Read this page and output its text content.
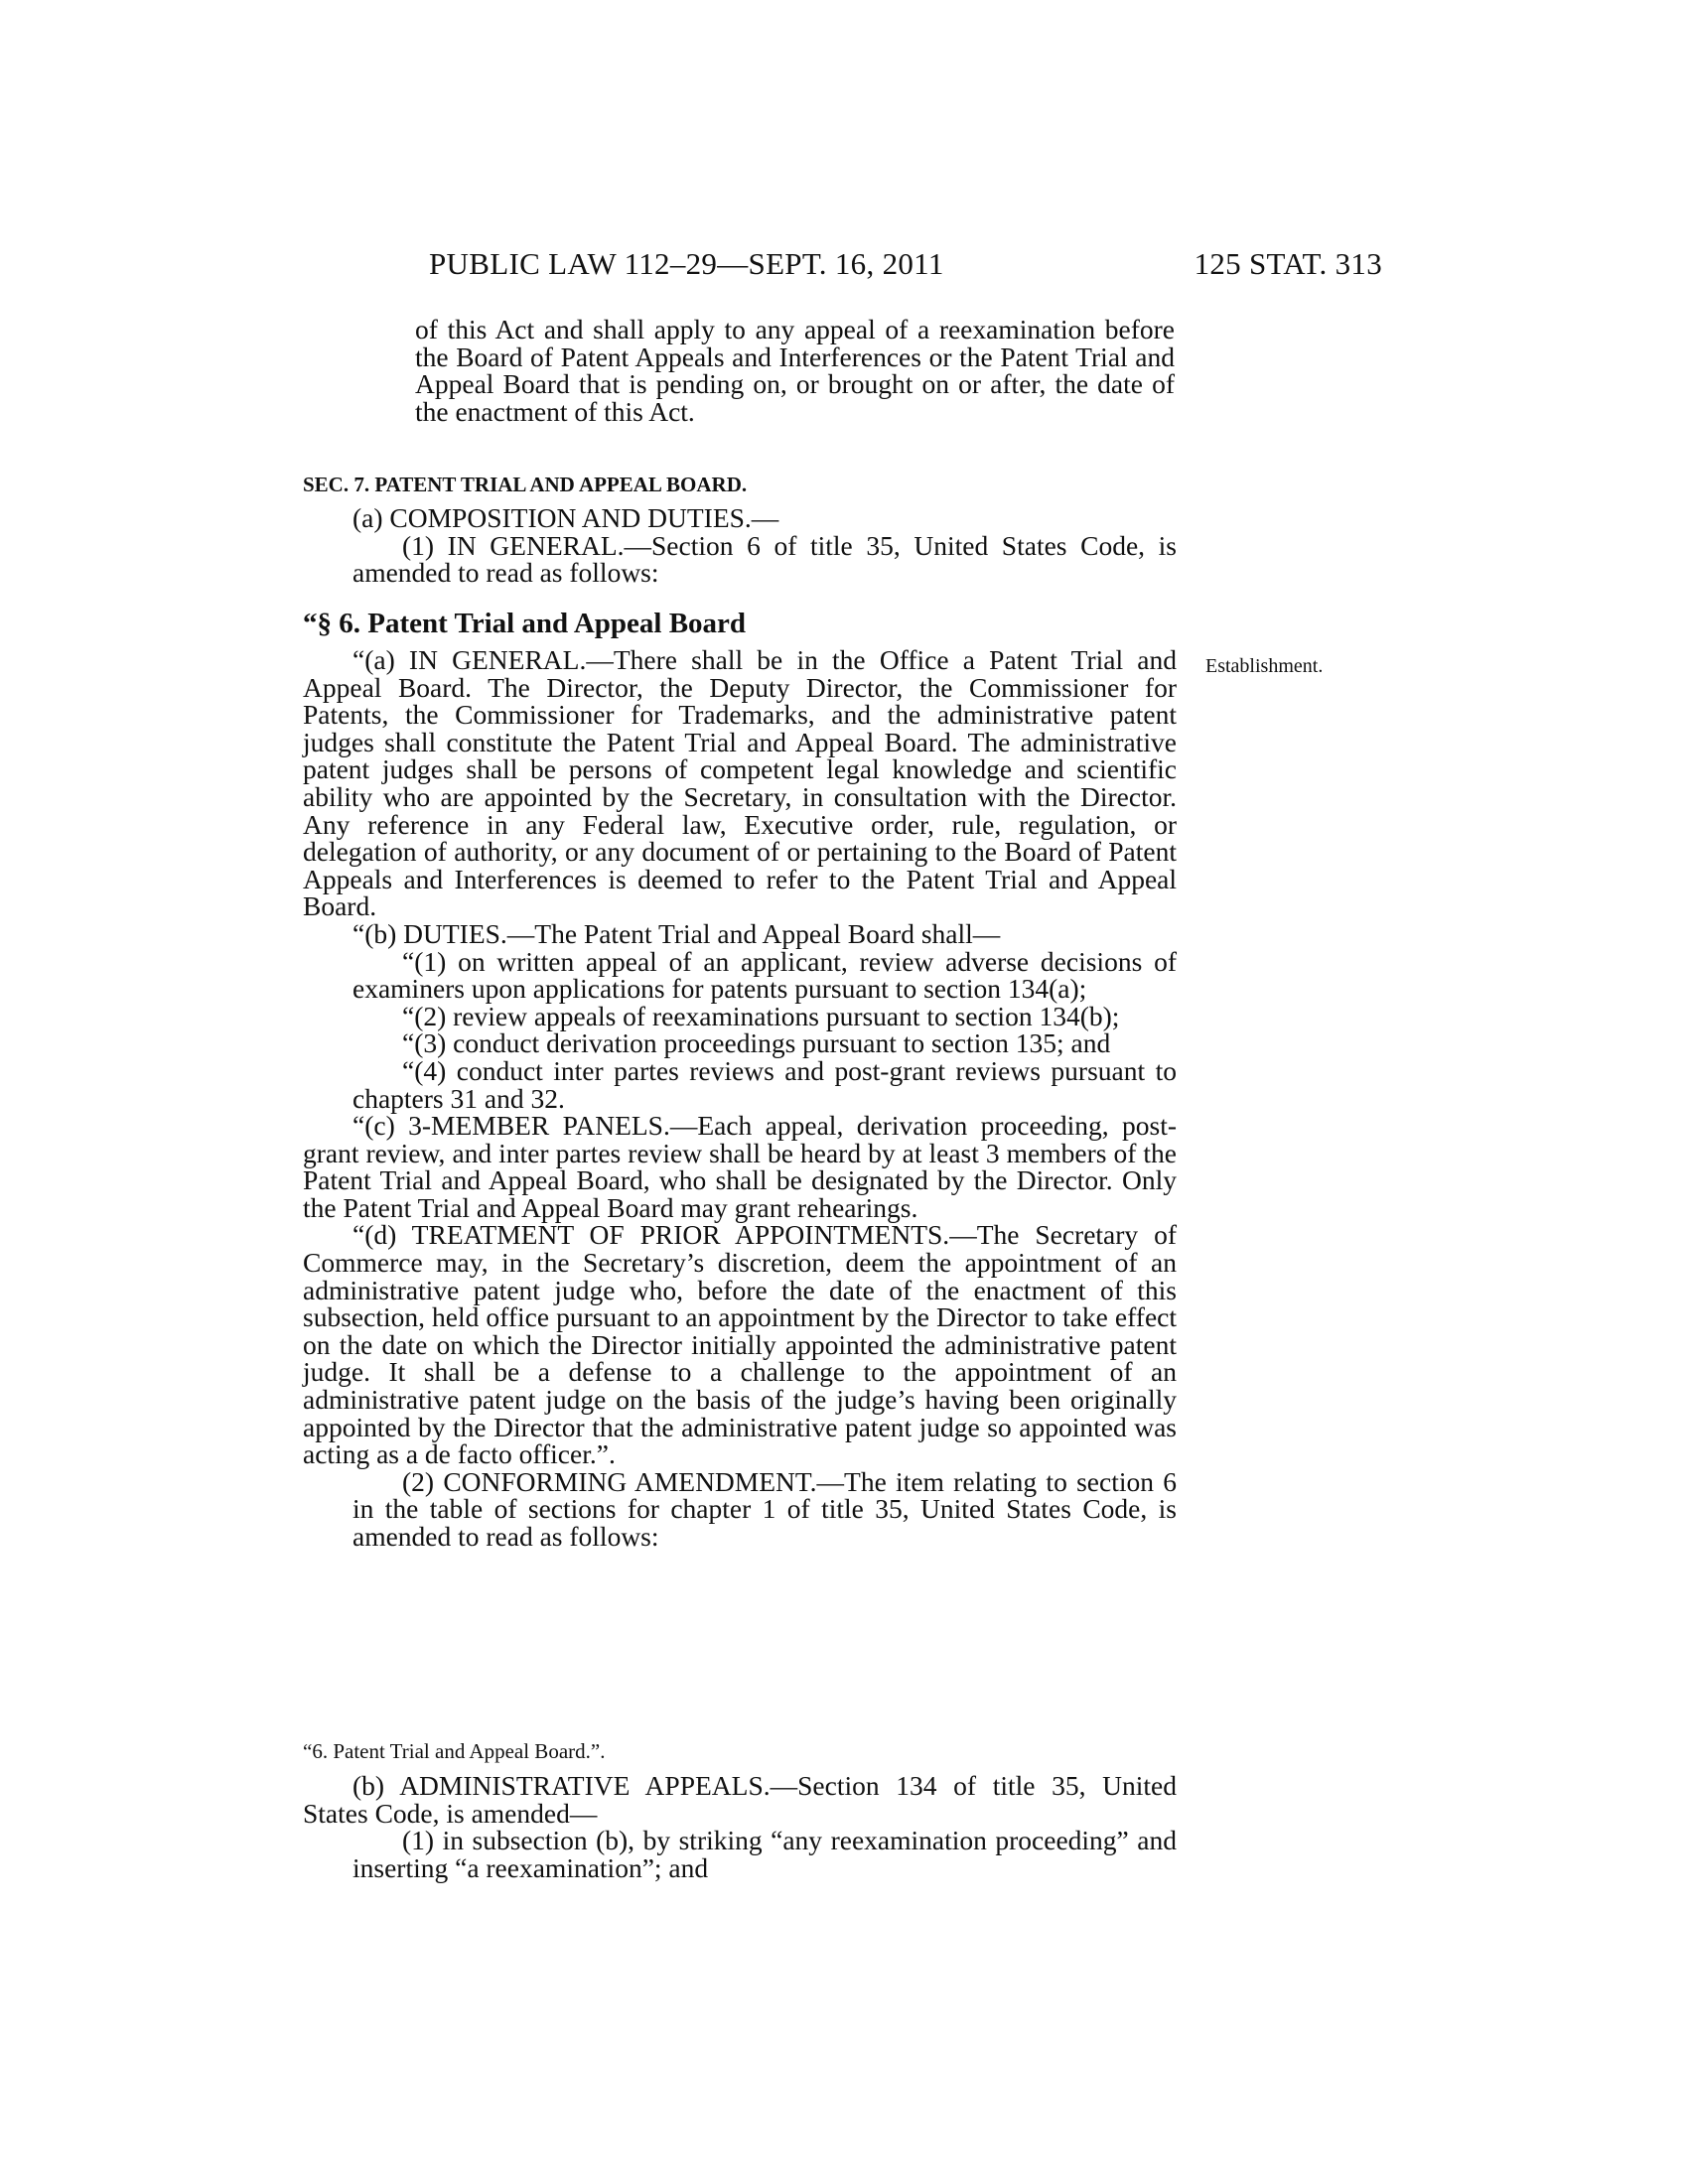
PUBLIC LAW 112–29—SEPT. 16, 2011	125 STAT. 313

of this Act and shall apply to any appeal of a reexamination before the Board of Patent Appeals and Interferences or the Patent Trial and Appeal Board that is pending on, or brought on or after, the date of the enactment of this Act.

SEC. 7. PATENT TRIAL AND APPEAL BOARD.

(a) COMPOSITION AND DUTIES.—

(1) IN GENERAL.—Section 6 of title 35, United States Code, is amended to read as follows:

“§ 6. Patent Trial and Appeal Board
Establishment.

“(a) IN GENERAL.—There shall be in the Office a Patent Trial and Appeal Board. The Director, the Deputy Director, the Commissioner for Patents, the Commissioner for Trademarks, and the administrative patent judges shall constitute the Patent Trial and Appeal Board. The administrative patent judges shall be persons of competent legal knowledge and scientific ability who are appointed by the Secretary, in consultation with the Director. Any reference in any Federal law, Executive order, rule, regulation, or delegation of authority, or any document of or pertaining to the Board of Patent Appeals and Interferences is deemed to refer to the Patent Trial and Appeal Board.

“(b) DUTIES.—The Patent Trial and Appeal Board shall—

“(1) on written appeal of an applicant, review adverse decisions of examiners upon applications for patents pursuant to section 134(a);

“(2) review appeals of reexaminations pursuant to section 134(b);

“(3) conduct derivation proceedings pursuant to section 135; and

“(4) conduct inter partes reviews and post-grant reviews pursuant to chapters 31 and 32.

“(c) 3-MEMBER PANELS.—Each appeal, derivation proceeding, post-grant review, and inter partes review shall be heard by at least 3 members of the Patent Trial and Appeal Board, who shall be designated by the Director. Only the Patent Trial and Appeal Board may grant rehearings.

“(d) TREATMENT OF PRIOR APPOINTMENTS.—The Secretary of Commerce may, in the Secretary’s discretion, deem the appointment of an administrative patent judge who, before the date of the enactment of this subsection, held office pursuant to an appointment by the Director to take effect on the date on which the Director initially appointed the administrative patent judge. It shall be a defense to a challenge to the appointment of an administrative patent judge on the basis of the judge’s having been originally appointed by the Director that the administrative patent judge so appointed was acting as a de facto officer.”.

(2) CONFORMING AMENDMENT.—The item relating to section 6 in the table of sections for chapter 1 of title 35, United States Code, is amended to read as follows:

“6. Patent Trial and Appeal Board.”.

(b) ADMINISTRATIVE APPEALS.—Section 134 of title 35, United States Code, is amended—

(1) in subsection (b), by striking “any reexamination proceeding” and inserting “a reexamination”; and
